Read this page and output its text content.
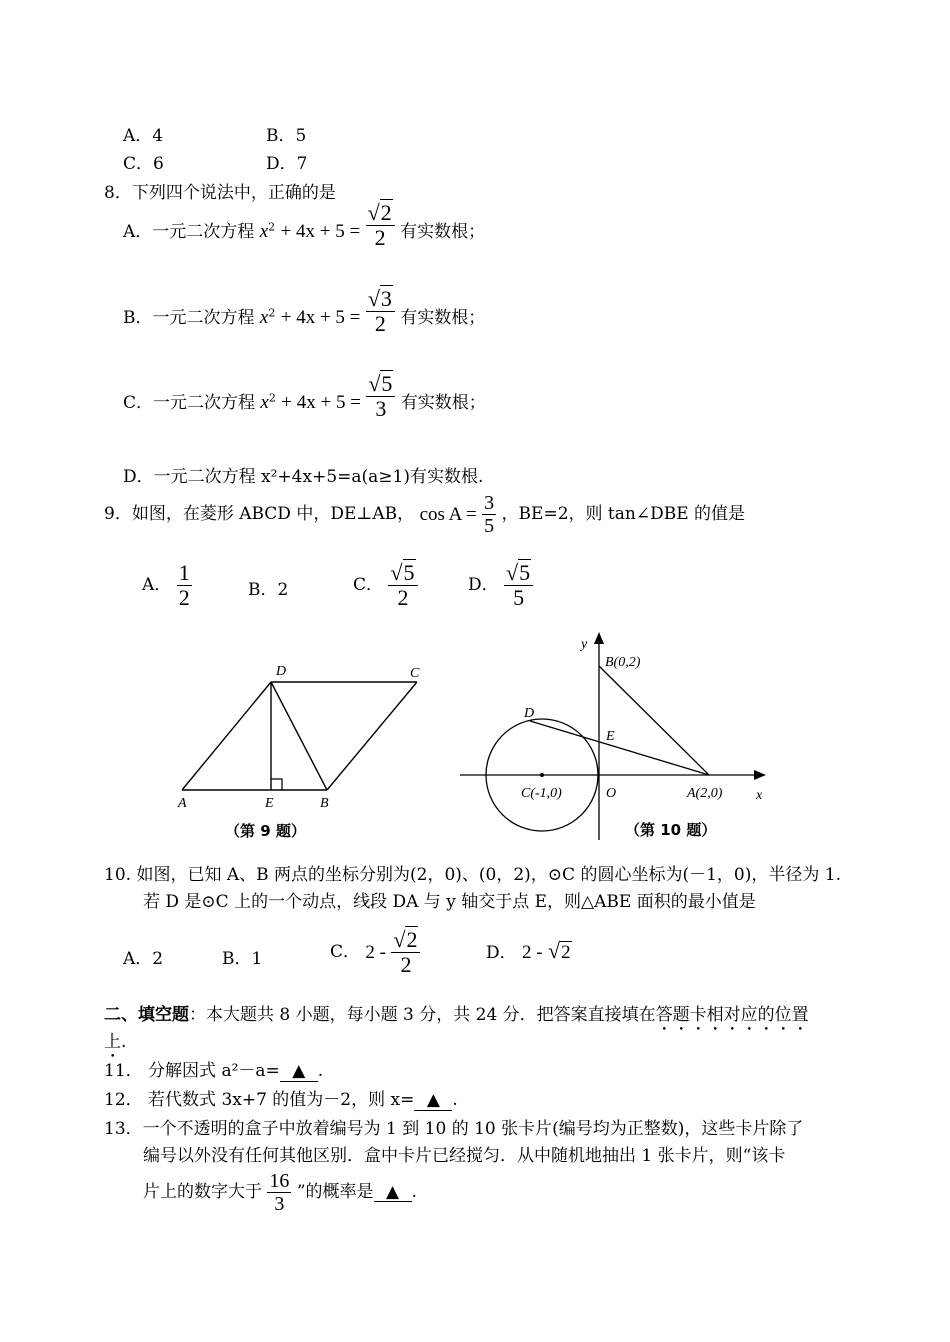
A．4	B．5
C．6	D．7
8．下列四个说法中，正确的是
A．一元二次方程 $x^2 + 4x + 5 = \frac{√2}{2}$ 有实数根；
B．一元二次方程 $x^2 + 4x + 5 = \frac{√3}{2}$ 有实数根；
C．一元二次方程 $x^2 + 4x + 5 = \frac{√5}{3}$ 有实数根；
D．一元二次方程 x²+4x+5=a(a≥1)有实数根.
9．如图，在菱形 ABCD 中，DE⊥AB， $\cos A = \frac{3}{5}$ ，BE=2，则 tan∠DBE 的值是
A． $\frac{1}{2}$	B．2	C． $\frac{√5}{2}$	D． $\frac{√5}{5}$
A	E	B
D	C
（第 9 题）
y
x
B(0,2)
D
E
C(-1,0)	O	A(2,0)
（第 10 题）
10. 如图，已知 A、B 两点的坐标分别为(2，0)、(0，2)，⊙C 的圆心坐标为(－1，0)，半径为 1.
若 D 是⊙C 上的一个动点，线段 DA 与 y 轴交于点 E，则△ABE 面积的最小值是
A．2	B．1	C． $2 - \frac{√2}{2}$	D． 2 - √2
二、填空题：本大题共 8 小题，每小题 3 分，共 24 分．把答案直接填在答题卡相对应的位置
上.
11． 分解因式 a²－a= ▲ .
12． 若代数式 3x+7 的值为－2，则 x= ▲ .
13．一个不透明的盒子中放着编号为 1 到 10 的 10 张卡片(编号均为正整数)，这些卡片除了
编号以外没有任何其他区别．盒中卡片已经搅匀．从中随机地抽出 1 张卡片，则“该卡
片上的数字大于 $\frac{16}{3}$ ”的概率是 ▲ .
